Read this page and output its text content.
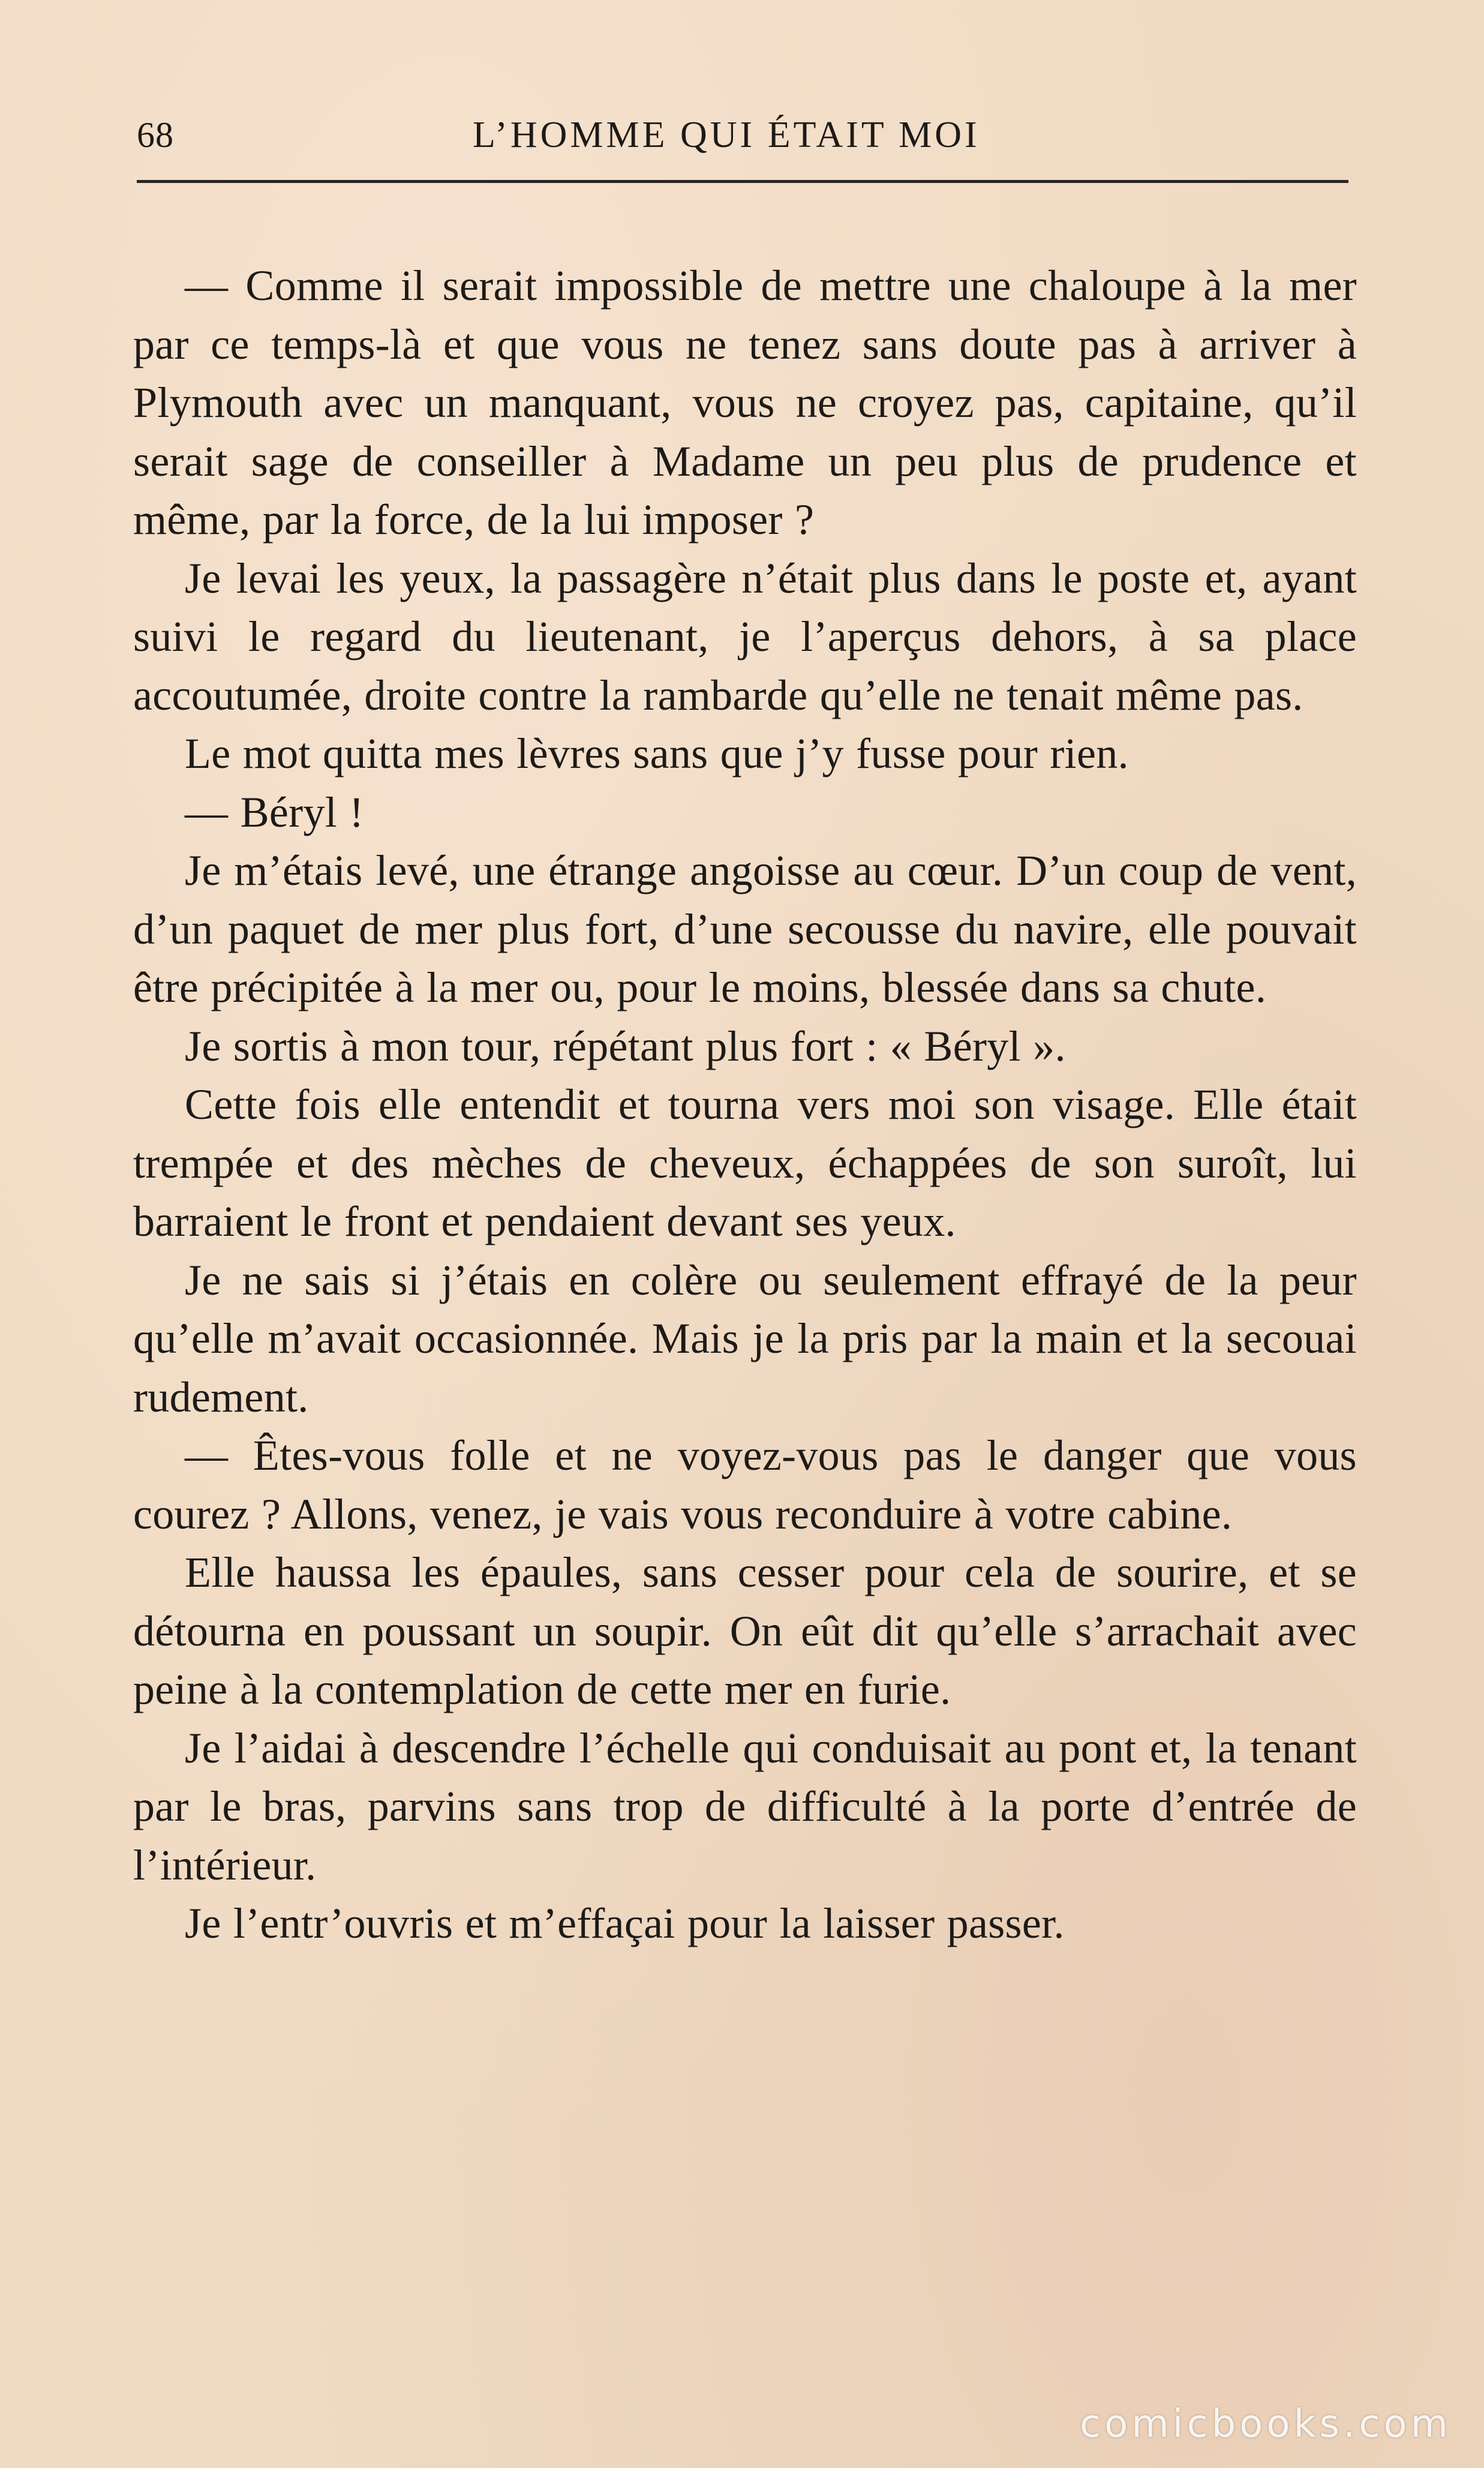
68	L’HOMME QUI ÉTAIT MOI

— Comme il serait impossible de mettre une chaloupe à la mer par ce temps-là et que vous ne tenez sans doute pas à arriver à Plymouth avec un manquant, vous ne croyez pas, capitaine, qu’il serait sage de conseiller à Madame un peu plus de prudence et même, par la force, de la lui imposer ?

Je levai les yeux, la passagère n’était plus dans le poste et, ayant suivi le regard du lieutenant, je l’aperçus dehors, à sa place accoutumée, droite contre la rambarde qu’elle ne tenait même pas.

Le mot quitta mes lèvres sans que j’y fusse pour rien.

— Béryl !

Je m’étais levé, une étrange angoisse au cœur. D’un coup de vent, d’un paquet de mer plus fort, d’une secousse du navire, elle pouvait être précipitée à la mer ou, pour le moins, blessée dans sa chute.

Je sortis à mon tour, répétant plus fort : « Béryl ».

Cette fois elle entendit et tourna vers moi son visage. Elle était trempée et des mèches de cheveux, échappées de son suroît, lui barraient le front et pendaient devant ses yeux.

Je ne sais si j’étais en colère ou seulement effrayé de la peur qu’elle m’avait occasionnée. Mais je la pris par la main et la secouai rudement.

— Êtes-vous folle et ne voyez-vous pas le danger que vous courez ? Allons, venez, je vais vous reconduire à votre cabine.

Elle haussa les épaules, sans cesser pour cela de sourire, et se détourna en poussant un soupir. On eût dit qu’elle s’arrachait avec peine à la contemplation de cette mer en furie.

Je l’aidai à descendre l’échelle qui conduisait au pont et, la tenant par le bras, parvins sans trop de difficulté à la porte d’entrée de l’intérieur.

Je l’entr’ouvris et m’effaçai pour la laisser passer.

comicbooks.com
